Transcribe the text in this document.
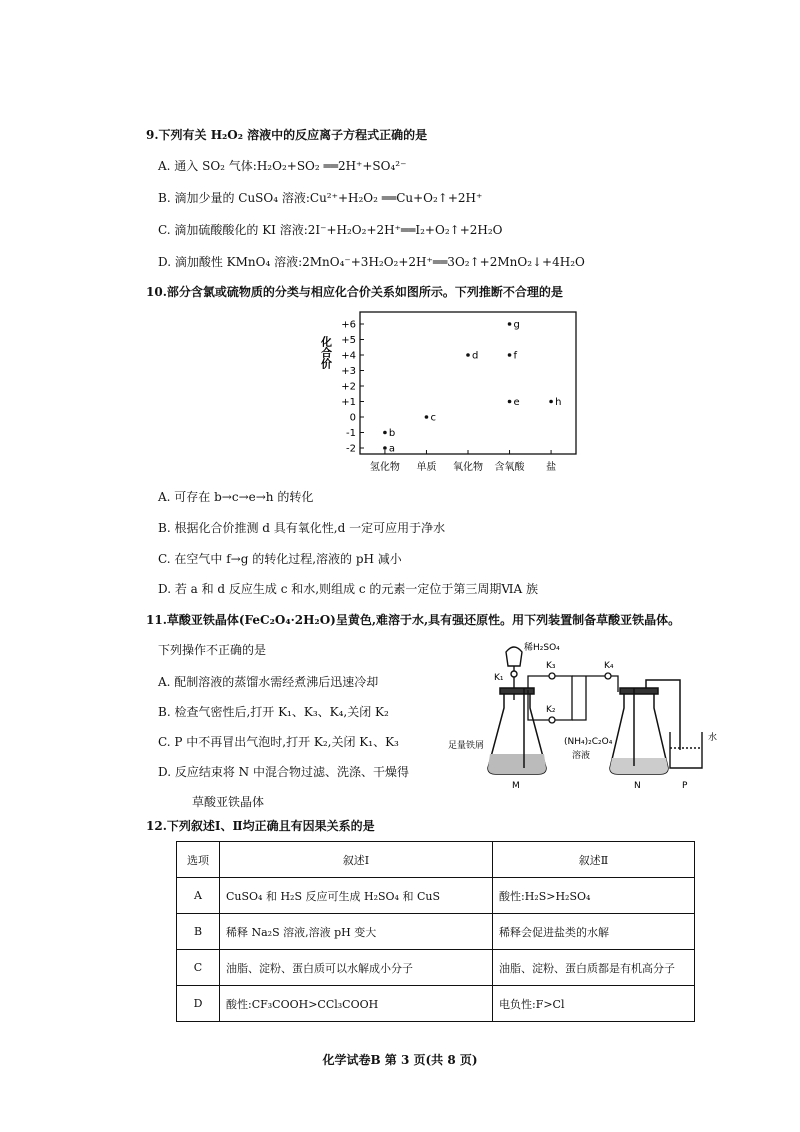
9.下列有关 H₂O₂ 溶液中的反应离子方程式正确的是
A. 通入 SO₂ 气体:H₂O₂+SO₂ ══2H⁺+SO₄²⁻
B. 滴加少量的 CuSO₄ 溶液:Cu²⁺+H₂O₂ ══Cu+O₂↑+2H⁺
C. 滴加硫酸酸化的 KI 溶液:2I⁻+H₂O₂+2H⁺══I₂+O₂↑+2H₂O
D. 滴加酸性 KMnO₄ 溶液:2MnO₄⁻+3H₂O₂+2H⁺══3O₂↑+2MnO₂↓+4H₂O
10.部分含氯或硫物质的分类与相应化合价关系如图所示。下列推断不合理的是
化合价
+6
+5
+4
+3
+2
+1
0
-1
-2
氢化物 单质 氧化物 含氧酸 盐
a
b
c
d
e
f
g
h
A. 可存在 b→c→e→h 的转化
B. 根据化合价推测 d 具有氧化性,d 一定可应用于净水
C. 在空气中 f→g 的转化过程,溶液的 pH 减小
D. 若 a 和 d 反应生成 c 和水,则组成 c 的元素一定位于第三周期ⅥA 族
11.草酸亚铁晶体(FeC₂O₄·2H₂O)呈黄色,难溶于水,具有强还原性。用下列装置制备草酸亚铁晶体。
下列操作不正确的是
A. 配制溶液的蒸馏水需经煮沸后迅速冷却
B. 检查气密性后,打开 K₁、K₃、K₄,关闭 K₂
C. P 中不再冒出气泡时,打开 K₂,关闭 K₁、K₃
D. 反应结束将 N 中混合物过滤、洗涤、干燥得
草酸亚铁晶体
稀H₂SO₄
K₁
K₃
K₂
K₄
水
足量铁屑	(NH₄)₂C₂O₄
溶液
M	N	P
12.下列叙述Ⅰ、Ⅱ均正确且有因果关系的是
选项	叙述Ⅰ	叙述Ⅱ
A	CuSO₄ 和 H₂S 反应可生成 H₂SO₄ 和 CuS	酸性:H₂S>H₂SO₄
B	稀释 Na₂S 溶液,溶液 pH 变大	稀释会促进盐类的水解
C	油脂、淀粉、蛋白质可以水解成小分子	油脂、淀粉、蛋白质都是有机高分子
D	酸性:CF₃COOH>CCl₃COOH	电负性:F>Cl
化学试卷B 第 3 页(共 8 页)
